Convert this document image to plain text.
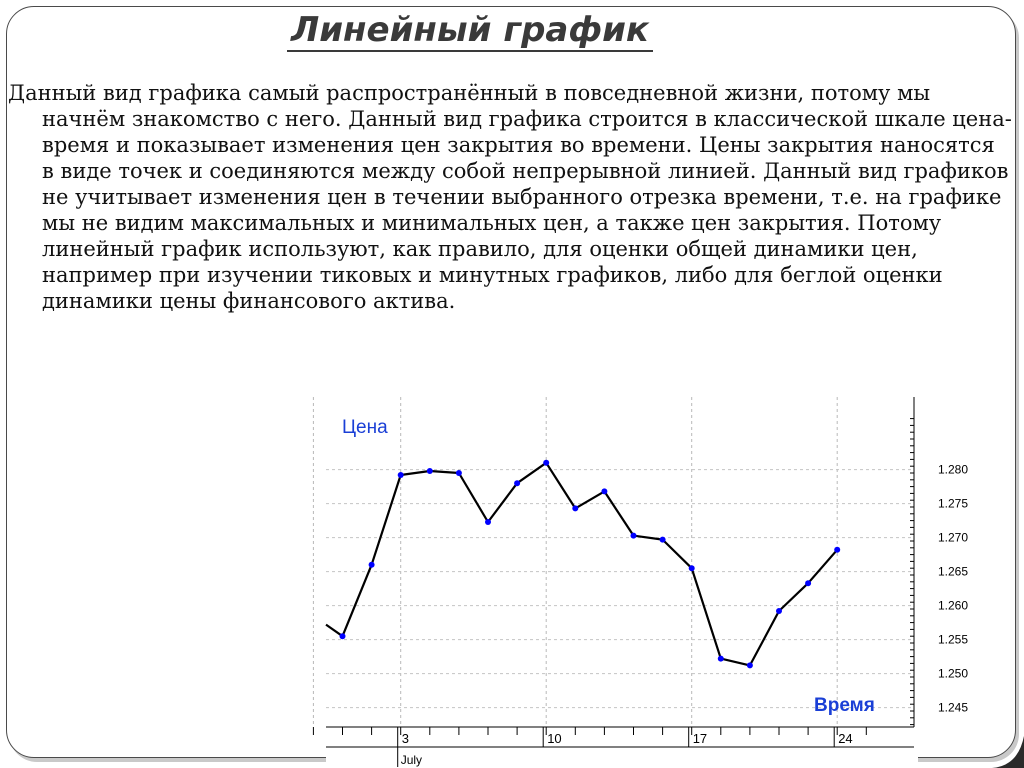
Линейный график

Данный вид графика самый распространённый в повседневной жизни, потому мы начнём знакомство с него. Данный вид графика строится в классической шкале цена-время и показывает изменения цен закрытия во времени. Цены закрытия наносятся в виде точек и соединяются между собой непрерывной линией. Данный вид графиков не учитывает изменения цен в течении выбранного отрезка времени, т.е. на графике мы не видим максимальных и минимальных цен, а также цен закрытия. Потому линейный график используют, как правило, для оценки общей динамики цен, например при изучении тиковых и минутных графиков, либо для беглой оценки динамики цены финансового актива.

1.280
1.275
1.270
1.265
1.260
1.255
1.250
1.245
3	10	17	24
July
Цена
Время
